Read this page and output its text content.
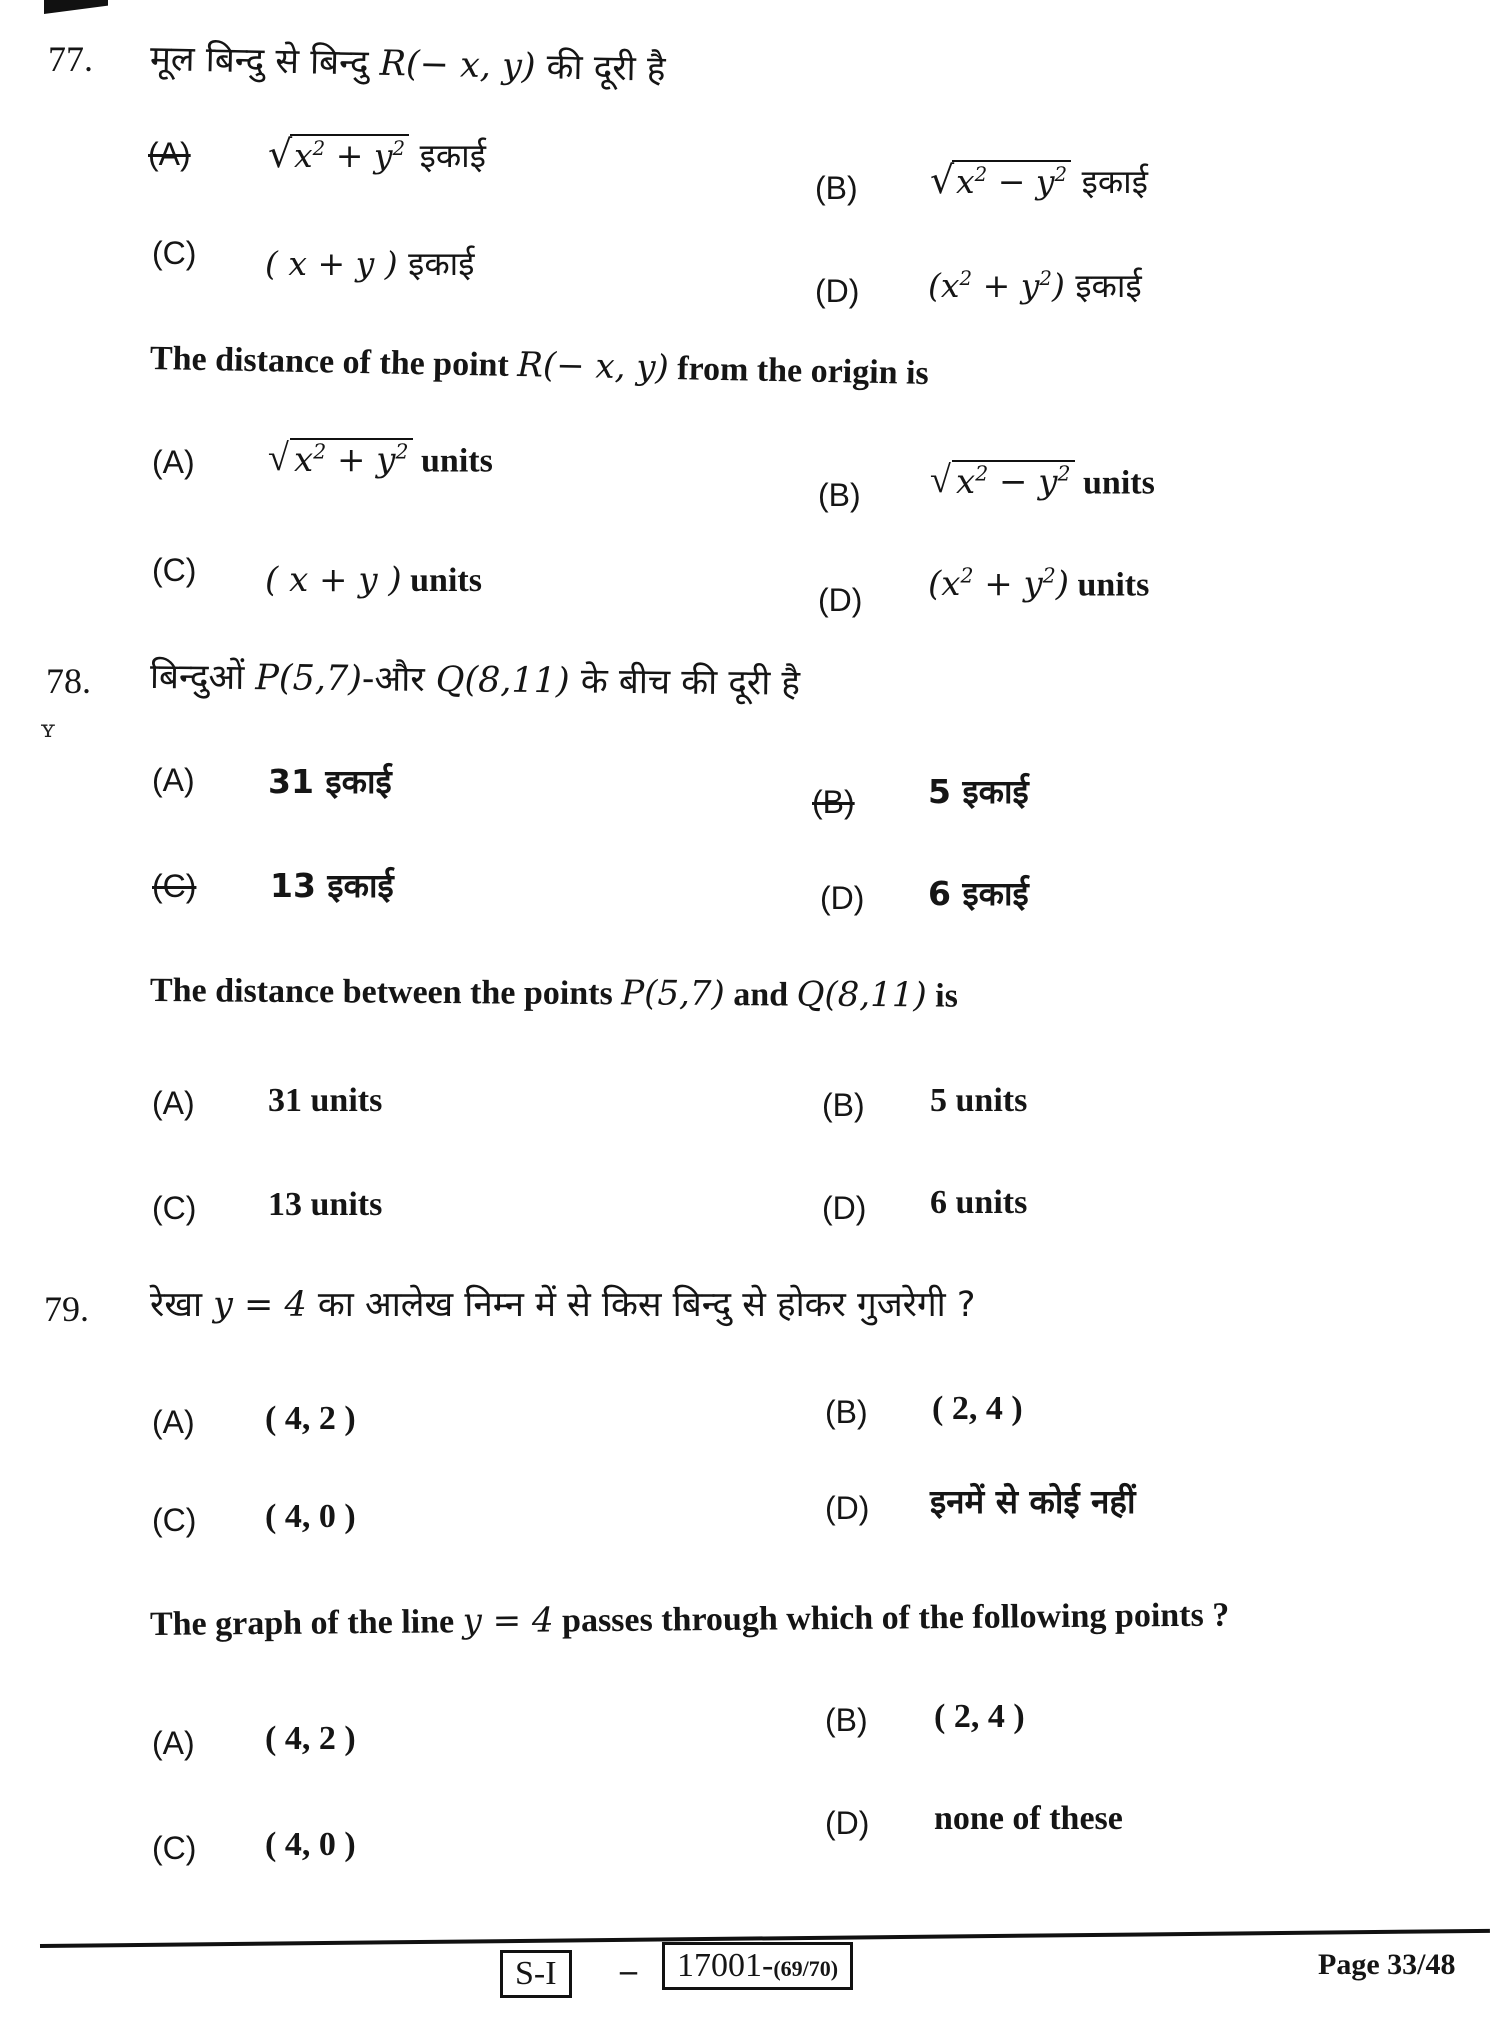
77. मूल बिन्दु से बिन्दु R(− x, y) की दूरी है
(A)	√ $x^2 + y^2$ इकाई
(B)	√ $x^2 - y^2$ इकाई
(C) ( x + y ) इकाई
(D) $(x^2 + y^2)$ इकाई
The distance of the point R(− x, y) from the origin is
(A)	√ $x^2 + y^2$ units
(B)	√ $x^2 - y^2$ units
(C) ( x + y ) units
(D) $(x^2 + y^2)$ units
78.
ʏ
बिन्दुओं P(5,7)-और Q(8,11) के बीच की दूरी है
(A) 31 इकाई
(B) 5 इकाई
(C) 13 इकाई	(D) 6 इकाई
The distance between the points P(5,7) and Q(8,11) is
(A) 31 units	(B) 5 units
(C) 13 units	(D) 6 units
79. रेखा y = 4 का आलेख निम्न में से किस बिन्दु से होकर गुजरेगी ?
(A) ( 4, 2 )	(B) ( 2, 4 )
(C) ( 4, 0 )	(D) इनमें से कोई नहीं
The graph of the line y = 4 passes through which of the following points ?
(A) ( 4, 2 )	(B) ( 2, 4 )
(C) ( 4, 0 )
(D) none of these
S-I	–	17001-(69/70)	Page 33/48
